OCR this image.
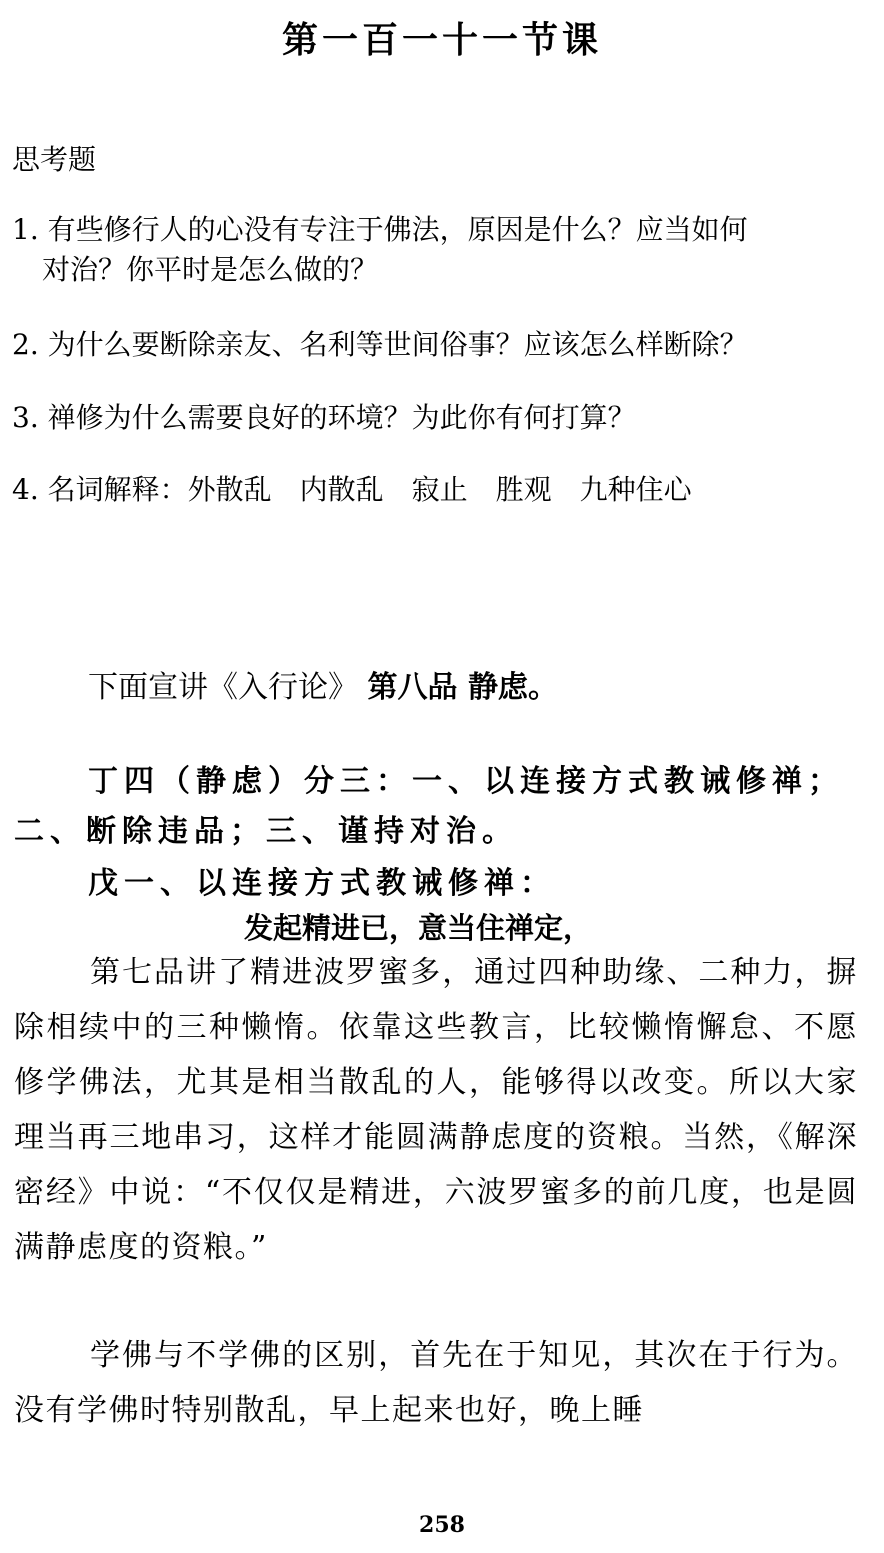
第一百一十一节课
思考题
1. 有些修行人的心没有专注于佛法，原因是什么？应当如何
对治？你平时是怎么做的？
2. 为什么要断除亲友、名利等世间俗事？应该怎么样断除？
3. 禅修为什么需要良好的环境？为此你有何打算？
4. 名词解释：外散乱　内散乱　寂止　胜观　九种住心
下面宣讲《入行论》 第八品 静虑。
丁四（静虑）分三：一、以连接方式教诫修禅；
二、断除违品；三、谨持对治。
戊一、以连接方式教诫修禅：
发起精进已，意当住禅定，

第七品讲了精进波罗蜜多，通过四种助缘、二种力，摒除相续中的三种懒惰。依靠这些教言，比较懒惰懈怠、不愿修学佛法，尤其是相当散乱的人，能够得以改变。所以大家理当再三地串习，这样才能圆满静虑度的资粮。当然，《解深密经》中说：“不仅仅是精进，六波罗蜜多的前几度，也是圆满静虑度的资粮。”

学佛与不学佛的区别，首先在于知见，其次在于行为。没有学佛时特别散乱，早上起来也好，晚上睡

258
